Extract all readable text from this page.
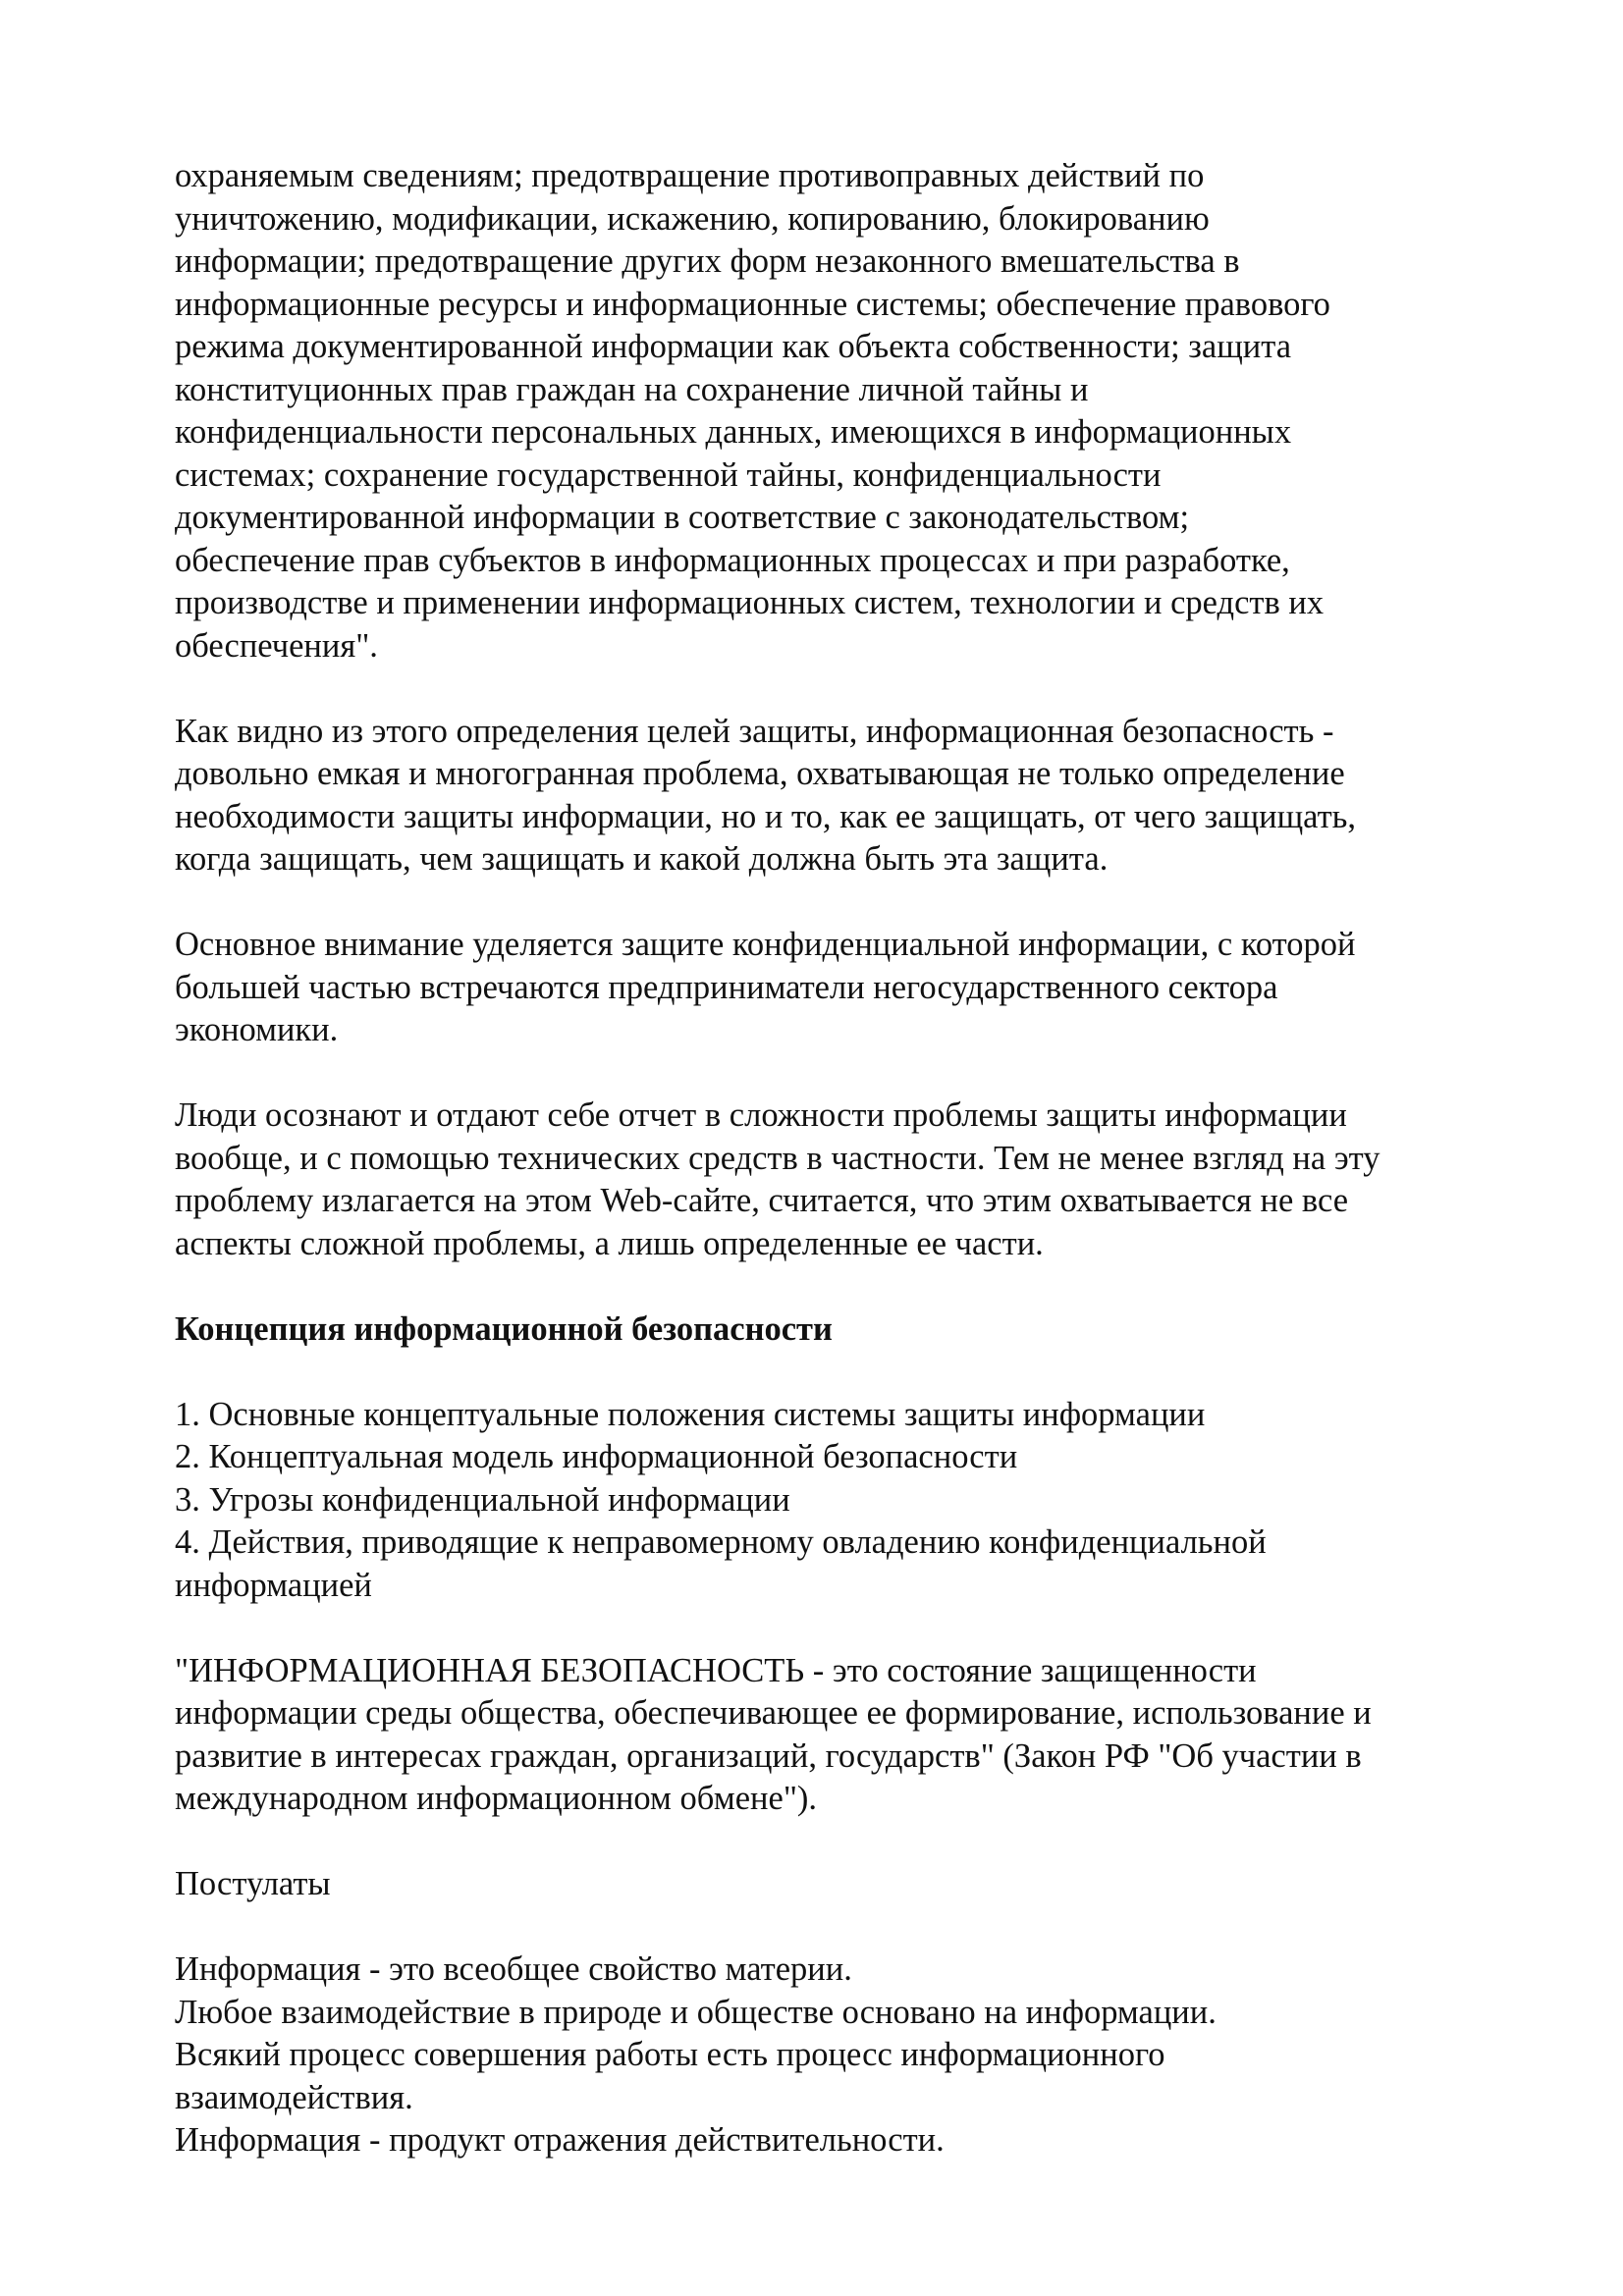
охраняемым сведениям; предотвращение противоправных действий по
уничтожению, модификации, искажению, копированию, блокированию
информации; предотвращение других форм незаконного вмешательства в
информационные ресурсы и информационные системы; обеспечение правового
режима документированной информации как объекта собственности; защита
конституционных прав граждан на сохранение личной тайны и
конфиденциальности персональных данных, имеющихся в информационных
системах; сохранение государственной тайны, конфиденциальности
документированной информации в соответствие с законодательством;
обеспечение прав субъектов в информационных процессах и при разработке,
производстве и применении информационных систем, технологии и средств их
обеспечения".

Как видно из этого определения целей защиты, информационная безопасность -
довольно емкая и многогранная проблема, охватывающая не только определение
необходимости защиты информации, но и то, как ее защищать, от чего защищать,
когда защищать, чем защищать и какой должна быть эта защита.

Основное внимание уделяется защите конфиденциальной информации, с которой
большей частью встречаются предприниматели негосударственного сектора
экономики.

Люди осознают и отдают себе отчет в сложности проблемы защиты информации
вообще, и с помощью технических средств в частности. Тем не менее взгляд на эту
проблему излагается на этом Web-сайте, считается, что этим охватывается не все
аспекты сложной проблемы, а лишь определенные ее части.

Концепция информационной безопасности

1. Основные концептуальные положения системы защиты информации
2. Концептуальная модель информационной безопасности
3. Угрозы конфиденциальной информации
4. Действия, приводящие к неправомерному овладению конфиденциальной
информацией

"ИНФОРМАЦИОННАЯ БЕЗОПАСНОСТЬ - это состояние защищенности
информации среды общества, обеспечивающее ее формирование, использование и
развитие в интересах граждан, организаций, государств" (Закон РФ "Об участии в
международном информационном обмене").

Постулаты

Информация - это всеобщее свойство материи.
Любое взаимодействие в природе и обществе основано на информации.
Всякий процесс совершения работы есть процесс информационного
взаимодействия.
Информация - продукт отражения действительности.
